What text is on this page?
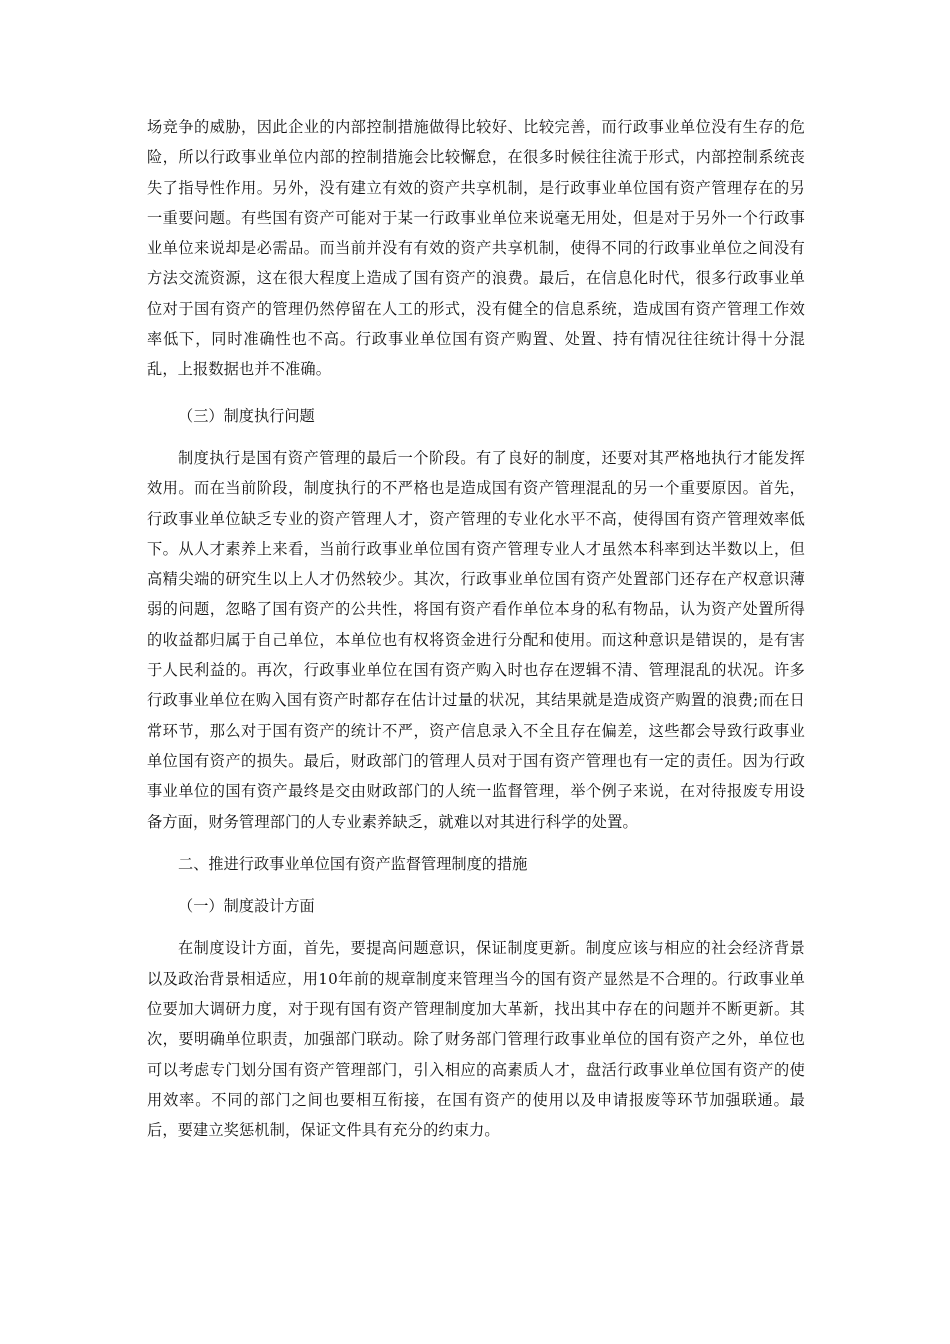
场竞争的威胁，因此企业的内部控制措施做得比较好、比较完善，而行政事业单位没有生存的危险，所以行政事业单位内部的控制措施会比较懈怠，在很多时候往往流于形式，内部控制系统丧失了指导性作用。另外，没有建立有效的资产共享机制，是行政事业单位国有资产管理存在的另一重要问题。有些国有资产可能对于某一行政事业单位来说毫无用处，但是对于另外一个行政事业单位来说却是必需品。而当前并没有有效的资产共享机制，使得不同的行政事业单位之间没有方法交流资源，这在很大程度上造成了国有资产的浪费。最后，在信息化时代，很多行政事业单位对于国有资产的管理仍然停留在人工的形式，没有健全的信息系统，造成国有资产管理工作效率低下，同时准确性也不高。行政事业单位国有资产购置、处置、持有情况往往统计得十分混乱，上报数据也并不准确。

（三）制度执行问题

制度执行是国有资产管理的最后一个阶段。有了良好的制度，还要对其严格地执行才能发挥效用。而在当前阶段，制度执行的不严格也是造成国有资产管理混乱的另一个重要原因。首先，行政事业单位缺乏专业的资产管理人才，资产管理的专业化水平不高，使得国有资产管理效率低下。从人才素养上来看，当前行政事业单位国有资产管理专业人才虽然本科率到达半数以上，但高精尖端的研究生以上人才仍然较少。其次，行政事业单位国有资产处置部门还存在产权意识薄弱的问题，忽略了国有资产的公共性，将国有资产看作单位本身的私有物品，认为资产处置所得的收益都归属于自己单位，本单位也有权将资金进行分配和使用。而这种意识是错误的，是有害于人民利益的。再次，行政事业单位在国有资产购入时也存在逻辑不清、管理混乱的状况。许多行政事业单位在购入国有资产时都存在估计过量的状况，其结果就是造成资产购置的浪费;而在日常环节，那么对于国有资产的统计不严，资产信息录入不全且存在偏差，这些都会导致行政事业单位国有资产的损失。最后，财政部门的管理人员对于国有资产管理也有一定的责任。因为行政事业单位的国有资产最终是交由财政部门的人统一监督管理，举个例子来说，在对待报废专用设备方面，财务管理部门的人专业素养缺乏，就难以对其进行科学的处置。

二、推进行政事业单位国有资产监督管理制度的措施

（一）制度設计方面

在制度设计方面，首先，要提高问题意识，保证制度更新。制度应该与相应的社会经济背景以及政治背景相适应，用10年前的规章制度来管理当今的国有资产显然是不合理的。行政事业单位要加大调研力度，对于现有国有资产管理制度加大革新，找出其中存在的问题并不断更新。其次，要明确单位职责，加强部门联动。除了财务部门管理行政事业单位的国有资产之外，单位也可以考虑专门划分国有资产管理部门，引入相应的高素质人才，盘活行政事业单位国有资产的使用效率。不同的部门之间也要相互衔接，在国有资产的使用以及申请报废等环节加强联通。最后，要建立奖惩机制，保证文件具有充分的约束力。
